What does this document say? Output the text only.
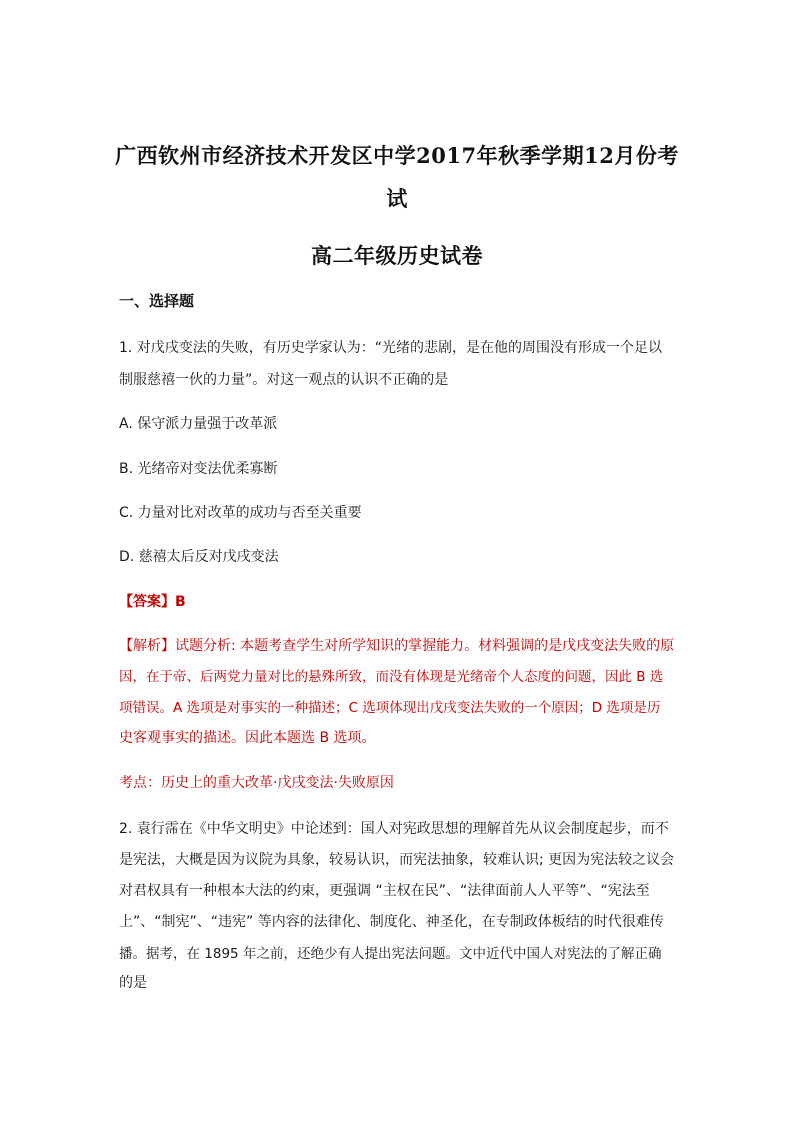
广西钦州市经济技术开发区中学2017年秋季学期12月份考
试
高二年级历史试卷
一、选择题
1. 对戊戌变法的失败，有历史学家认为：“光绪的悲剧，是在他的周围没有形成一个足以
制服慈禧一伙的力量”。对这一观点的认识不正确的是
A. 保守派力量强于改革派
B. 光绪帝对变法优柔寡断
C. 力量对比对改革的成功与否至关重要
D. 慈禧太后反对戊戌变法
【答案】B
【解析】试题分析: 本题考查学生对所学知识的掌握能力。材料强调的是戊戌变法失败的原
因，在于帝、后两党力量对比的悬殊所致，而没有体现是光绪帝个人态度的问题，因此 B 选
项错误。A 选项是对事实的一种描述；C 选项体现出戊戌变法失败的一个原因；D 选项是历
史客观事实的描述。因此本题选 B 选项。
考点：历史上的重大改革·戊戌变法·失败原因
2. 袁行霈在《中华文明史》中论述到：国人对宪政思想的理解首先从议会制度起步，而不
是宪法，大概是因为议院为具象，较易认识，而宪法抽象，较难认识; 更因为宪法较之议会
对君权具有一种根本大法的约束，更强调 “主权在民”、“法律面前人人平等”、“宪法至
上”、“制宪”、“违宪” 等内容的法律化、制度化、神圣化，在专制政体板结的时代很难传
播。据考，在 1895 年之前，还绝少有人提出宪法问题。文中近代中国人对宪法的了解正确
的是
